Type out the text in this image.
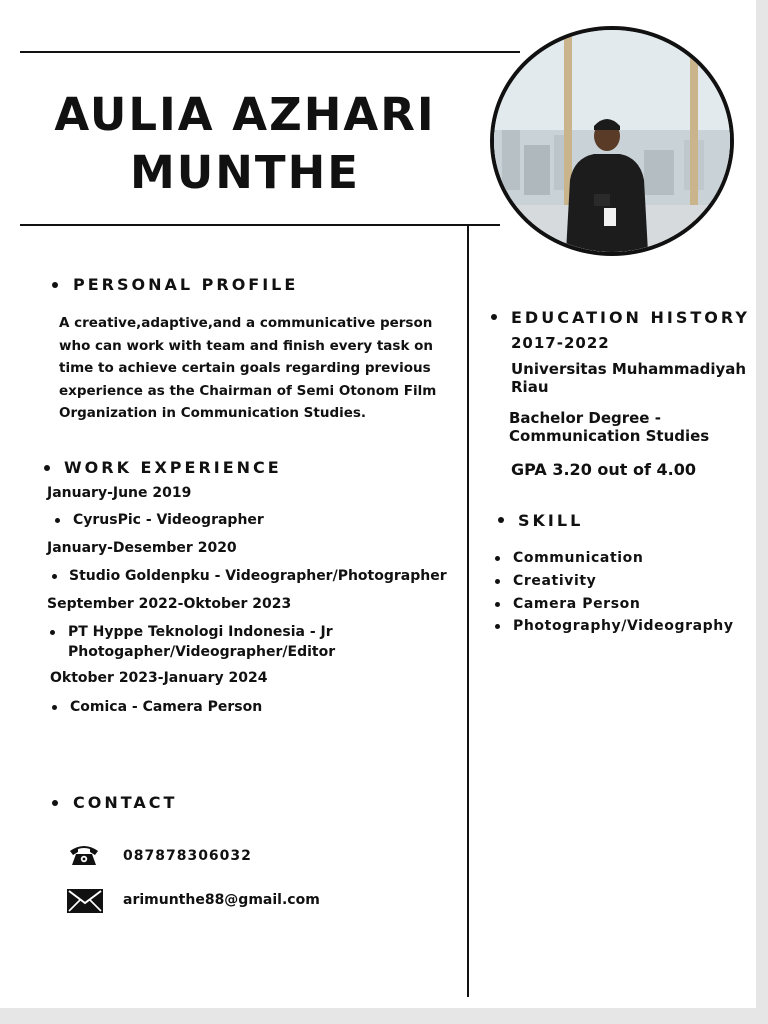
AULIA AZHARI
MUNTHE
PERSONAL PROFILE
A creative,adaptive,and a communicative person who can work with team and finish every task on time to achieve certain goals regarding previous experience as the Chairman of Semi Otonom Film Organization in Communication Studies.
WORK EXPERIENCE
January-June 2019
CyrusPic - Videographer
January-Desember 2020
Studio Goldenpku - Videographer/Photographer
September 2022-Oktober 2023
PT Hyppe Teknologi Indonesia - Jr
Photogapher/Videographer/Editor
Oktober 2023-January 2024
Comica - Camera Person
CONTACT
087878306032
arimunthe88@gmail.com
EDUCATION HISTORY
2017-2022
Universitas Muhammadiyah
Riau
Bachelor Degree -
Communication Studies
GPA 3.20 out of 4.00
SKILL
Communication
Creativity
Camera Person
Photography/Videography
